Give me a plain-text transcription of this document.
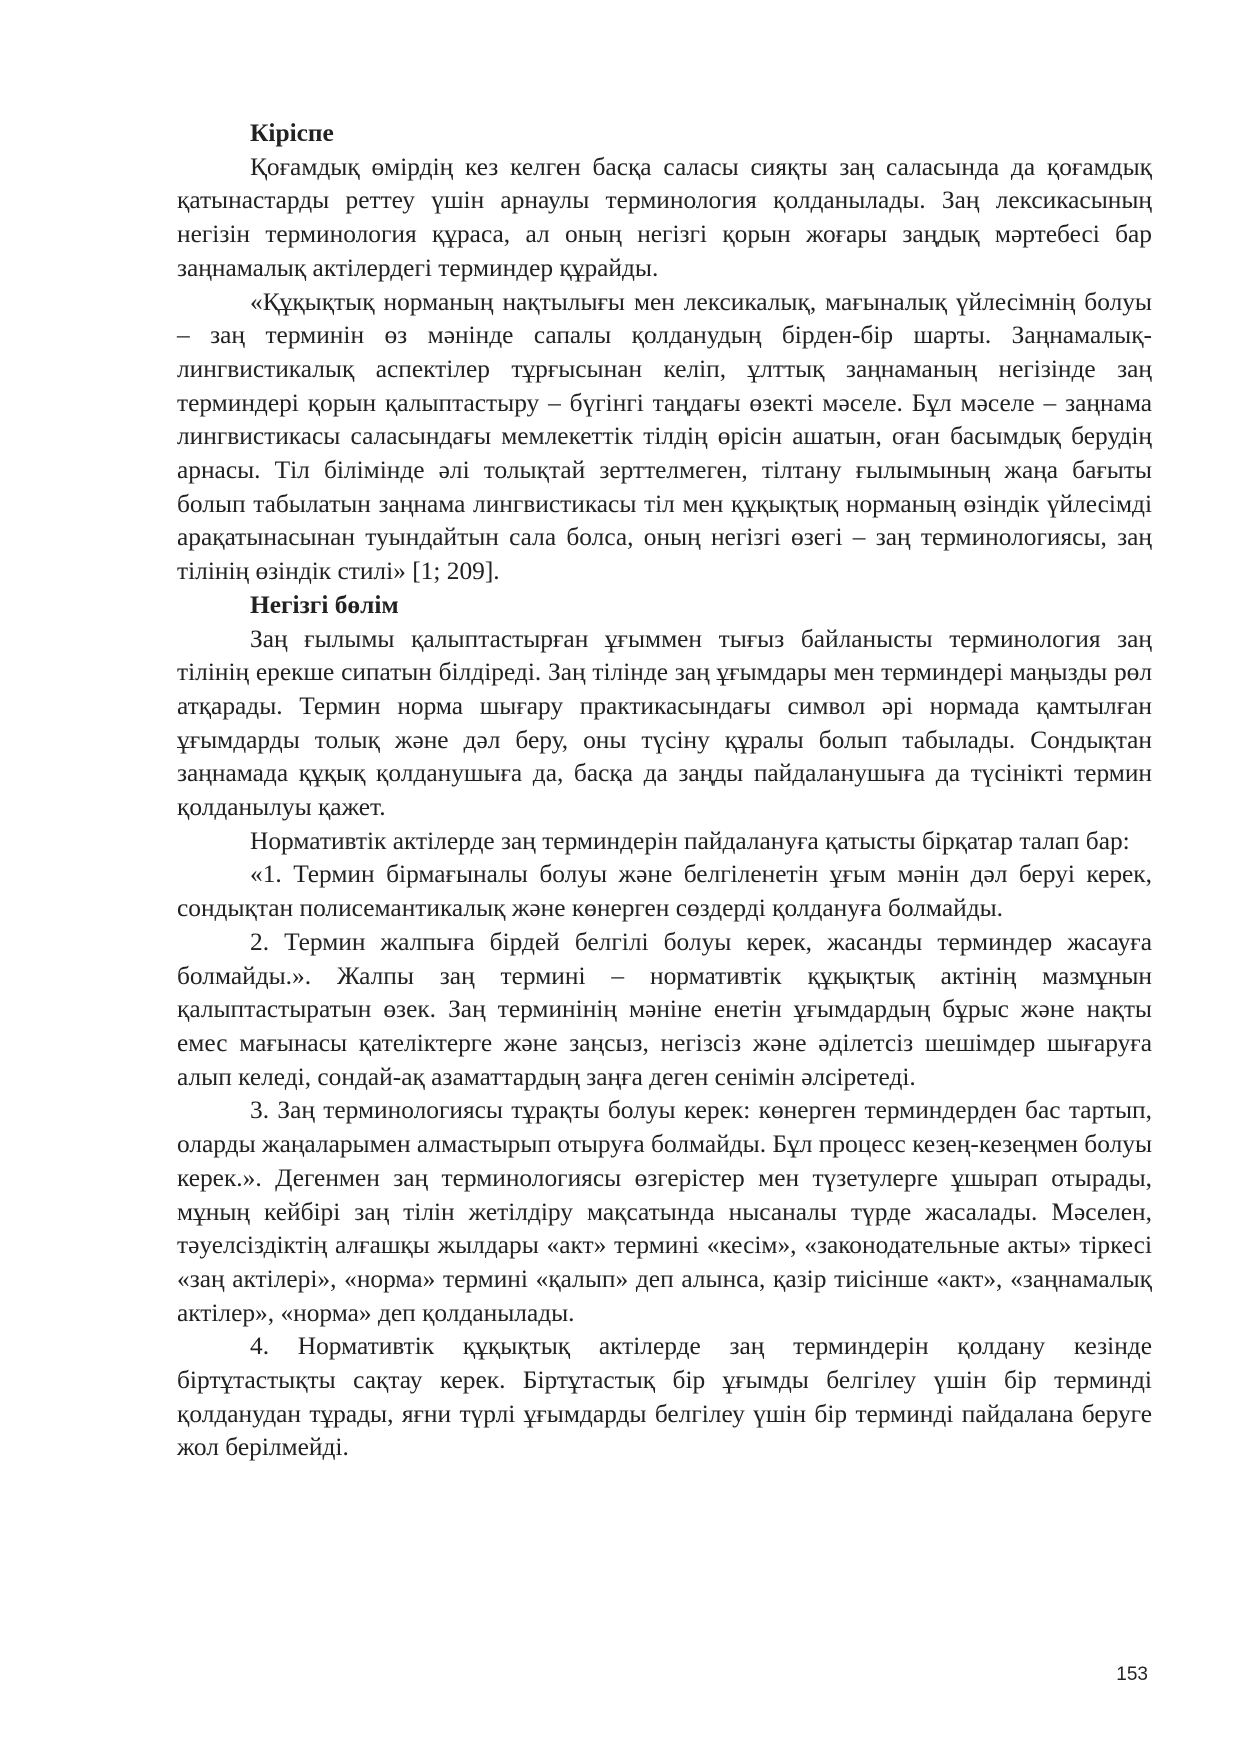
Кіріспе

Қоғамдық өмірдің кез келген басқа саласы сияқты заң саласында да қоғамдық қатынастарды реттеу үшін арнаулы терминология қолданылады. Заң лексикасының негізін терминология құраса, ал оның негізгі қорын жоғары заңдық мәртебесі бар заңнамалық актілердегі терминдер құрайды.

«Құқықтық норманың нақтылығы мен лексикалық, мағыналық үйлесімнің болуы – заң терминін өз мәнінде сапалы қолданудың бірден-бір шарты. Заңнамалық-лингвистикалық аспектілер тұрғысынан келіп, ұлттық заңнаманың негізінде заң терминдері қорын қалыптастыру – бүгінгі таңдағы өзекті мәселе. Бұл мәселе – заңнама лингвистикасы саласындағы мемлекеттік тілдің өрісін ашатын, оған басымдық берудің арнасы. Тіл білімінде әлі толықтай зерттелмеген, тілтану ғылымының жаңа бағыты болып табылатын заңнама лингвистикасы тіл мен құқықтық норманың өзіндік үйлесімді арақатынасынан туындайтын сала болса, оның негізгі өзегі – заң терминологиясы, заң тілінің өзіндік стилі» [1; 209].

Негізгі бөлім

Заң ғылымы қалыптастырған ұғыммен тығыз байланысты терминология заң тілінің ерекше сипатын білдіреді. Заң тілінде заң ұғымдары мен терминдері маңызды рөл атқарады. Термин норма шығару практикасындағы символ әрі нормада қамтылған ұғымдарды толық және дәл беру, оны түсіну құралы болып табылады. Сондықтан заңнамада құқық қолданушыға да, басқа да заңды пайдаланушыға да түсінікті термин қолданылуы қажет.

Нормативтік актілерде заң терминдерін пайдалануға қатысты бірқатар талап бар:

«1. Термин бірмағыналы болуы және белгіленетін ұғым мәнін дәл беруі керек, сондықтан полисемантикалық және көнерген сөздерді қолдануға болмайды.

2. Термин жалпыға бірдей белгілі болуы керек, жасанды терминдер жасауға болмайды.». Жалпы заң термині – нормативтік құқықтық актінің мазмұнын қалыптастыратын өзек. Заң терминінің мәніне енетін ұғымдардың бұрыс және нақты емес мағынасы қателіктерге және заңсыз, негізсіз және әділетсіз шешімдер шығаруға алып келеді, сондай-ақ азаматтардың заңға деген сенімін әлсіретеді.

3. Заң терминологиясы тұрақты болуы керек: көнерген терминдерден бас тартып, оларды жаңаларымен алмастырып отыруға болмайды. Бұл процесс кезең-кезеңмен болуы керек.». Дегенмен заң терминологиясы өзгерістер мен түзетулерге ұшырап отырады, мұның кейбірі заң тілін жетілдіру мақсатында нысаналы түрде жасалады. Мәселен, тәуелсіздіктің алғашқы жылдары «акт» термині «кесім», «законодательные акты» тіркесі «заң актілері», «норма» термині «қалып» деп алынса, қазір тиісінше «акт», «заңнамалық актілер», «норма» деп қолданылады.

4. Нормативтік құқықтық актілерде заң терминдерін қолдану кезінде біртұтастықты сақтау керек. Біртұтастық бір ұғымды белгілеу үшін бір терминді қолданудан тұрады, яғни түрлі ұғымдарды белгілеу үшін бір терминді пайдалана беруге жол берілмейді.

153
